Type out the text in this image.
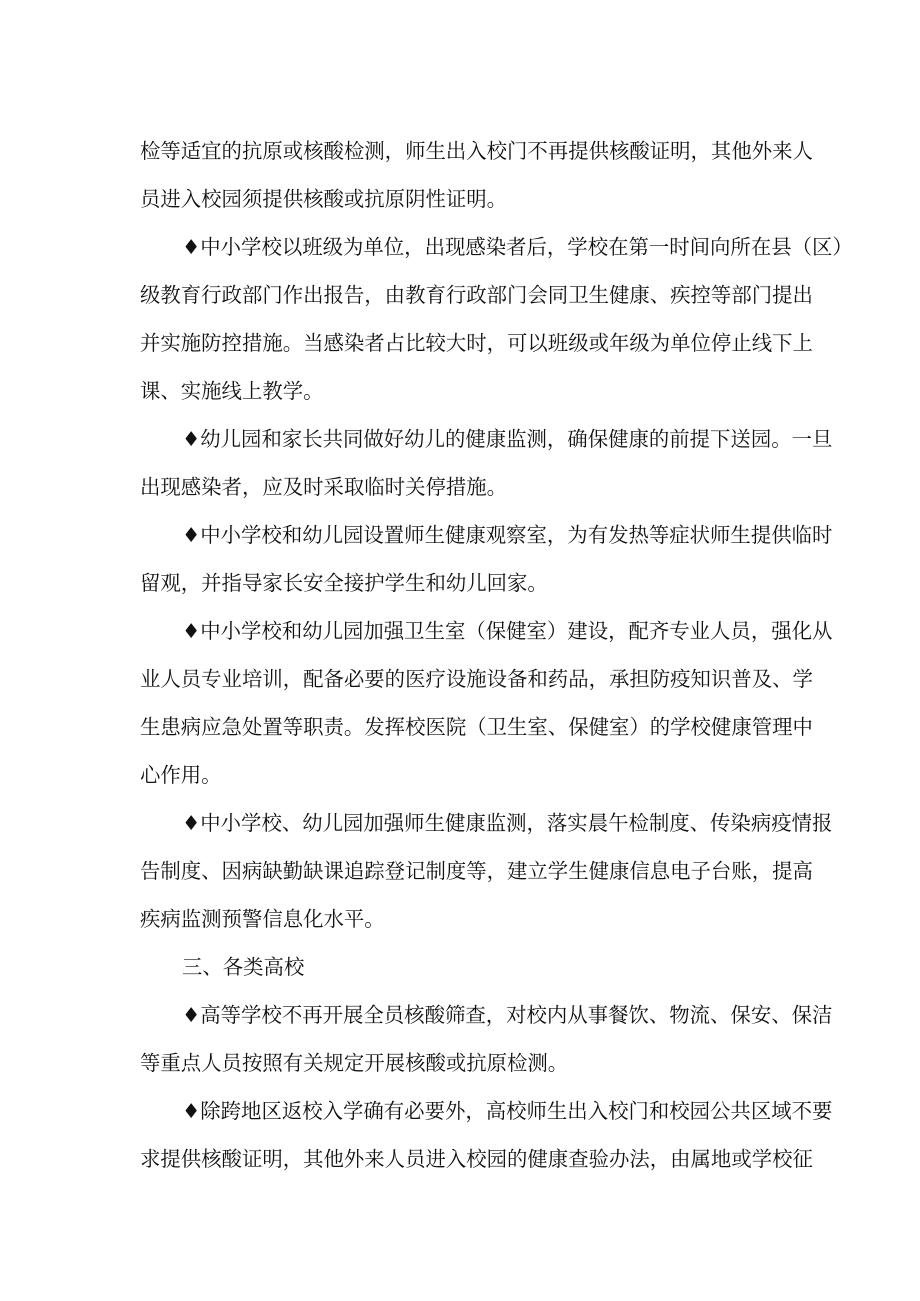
检等适宜的抗原或核酸检测，师生出入校门不再提供核酸证明，其他外来人
员进入校园须提供核酸或抗原阴性证明。
♦中小学校以班级为单位，出现感染者后，学校在第一时间向所在县（区）
级教育行政部门作出报告，由教育行政部门会同卫生健康、疾控等部门提出
并实施防控措施。当感染者占比较大时，可以班级或年级为单位停止线下上
课、实施线上教学。
♦幼儿园和家长共同做好幼儿的健康监测，确保健康的前提下送园。一旦
出现感染者，应及时采取临时关停措施。
♦中小学校和幼儿园设置师生健康观察室，为有发热等症状师生提供临时
留观，并指导家长安全接护学生和幼儿回家。
♦中小学校和幼儿园加强卫生室（保健室）建设，配齐专业人员，强化从
业人员专业培训，配备必要的医疗设施设备和药品，承担防疫知识普及、学
生患病应急处置等职责。发挥校医院（卫生室、保健室）的学校健康管理中
心作用。
♦中小学校、幼儿园加强师生健康监测，落实晨午检制度、传染病疫情报
告制度、因病缺勤缺课追踪登记制度等，建立学生健康信息电子台账，提高
疾病监测预警信息化水平。
三、各类高校
♦高等学校不再开展全员核酸筛查，对校内从事餐饮、物流、保安、保洁
等重点人员按照有关规定开展核酸或抗原检测。
♦除跨地区返校入学确有必要外，高校师生出入校门和校园公共区域不要
求提供核酸证明，其他外来人员进入校园的健康查验办法，由属地或学校征
